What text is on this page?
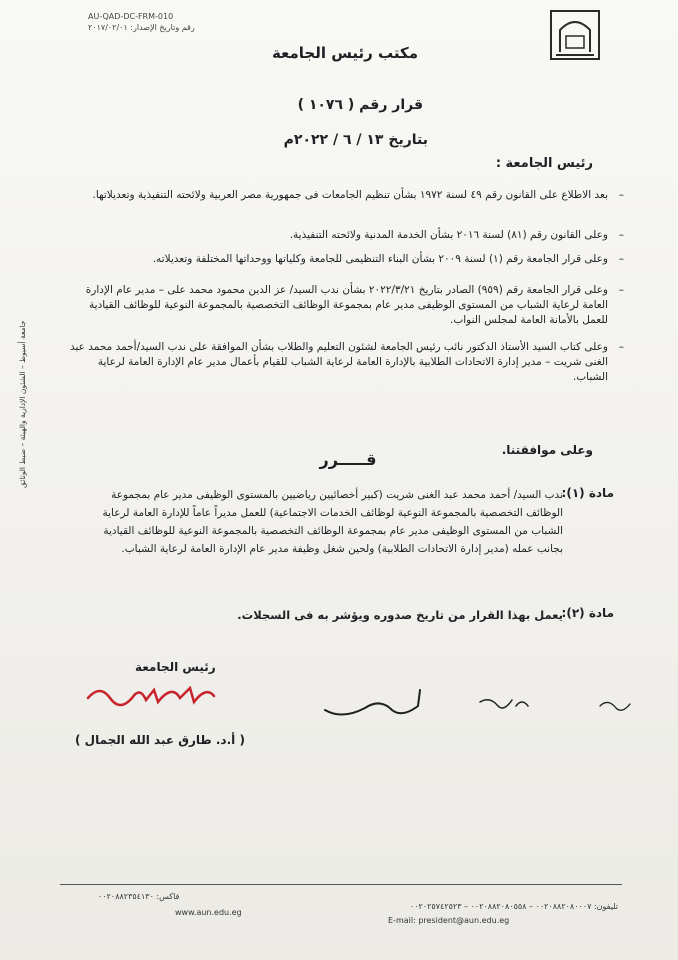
AU-QAD-DC-FRM-010
رقم وتاريخ الإصدار: ٢٠١٧/٠٢/٠١
مكتب رئيس الجامعة
قرار رقم ( ١٠٧٦ )
بتاريخ ١٣ / ٦ / ٢٠٢٢م
رئيس الجامعة :
–
بعد الاطلاع على القانون رقم ٤٩ لسنة ١٩٧٢ بشأن تنظيم الجامعات فى جمهورية مصر العربية ولائحته التنفيذية وتعديلاتها.
–
وعلى القانون رقم (٨١) لسنة ٢٠١٦ بشأن الخدمة المدنية ولائحته التنفيذية.
–
وعلى قرار الجامعة رقم (١) لسنة ٢٠٠٩ بشأن البناء التنظيمى للجامعة وكلياتها ووحداتها المختلفة وتعديلاته.
–
وعلى قرار الجامعة رقم (٩٥٩) الصادر بتاريخ ٢٠٢٢/٣/٢١ بشأن ندب السيد/ عز الدين محمود محمد على – مدير عام الإدارة العامة لرعاية الشباب من المستوى الوظيفى مدير عام بمجموعة الوظائف التخصصية بالمجموعة النوعية للوظائف القيادية للعمل بالأمانة العامة لمجلس النواب.
–
وعلى كتاب السيد الأستاذ الدكتور نائب رئيس الجامعة لشئون التعليم والطلاب بشأن الموافقة على ندب السيد/أحمد محمد عبد الغنى شريت – مدير إدارة الاتحادات الطلابية بالإدارة العامة لرعاية الشباب للقيام بأعمال مدير عام الإدارة العامة لرعاية الشباب.
وعلى موافقتنا.
قـــــرر
مادة (١):
ندب السيد/ أحمد محمد عبد الغنى شريت (كبير أخصائيين رياضيين بالمستوى الوظيفى مدير عام بمجموعة الوظائف التخصصية بالمجموعة النوعية لوظائف الخدمات الاجتماعية) للعمل مديراً عاماً للإدارة العامة لرعاية الشباب من المستوى الوظيفى مدير عام بمجموعة الوظائف التخصصية بالمجموعة النوعية للوظائف القيادية بجانب عمله (مدير إدارة الاتحادات الطلابية) ولحين شغل وظيفة مدير عام الإدارة العامة لرعاية الشباب.
مادة (٢):
يعمل بهذا القرار من تاريخ صدوره ويؤشر به فى السجلات.
جامعة أسيوط – الشئون الإدارية والهيئة – ضبط الوثائق
رئيس الجامعة
( أ.د. طارق عبد الله الجمال )
فاكس: ٠٠٢٠٨٨٢٣٥٤١٣٠
www.aun.edu.eg
تليفون: ٠٠٢٠٨٨٢٠٨٠٠٠٧ – ٠٠٢٠٨٨٢٠٨٠٥٥٨ – ٠٠٢٠٢٥٧٤٢٥٢٣
E-mail: president@aun.edu.eg
